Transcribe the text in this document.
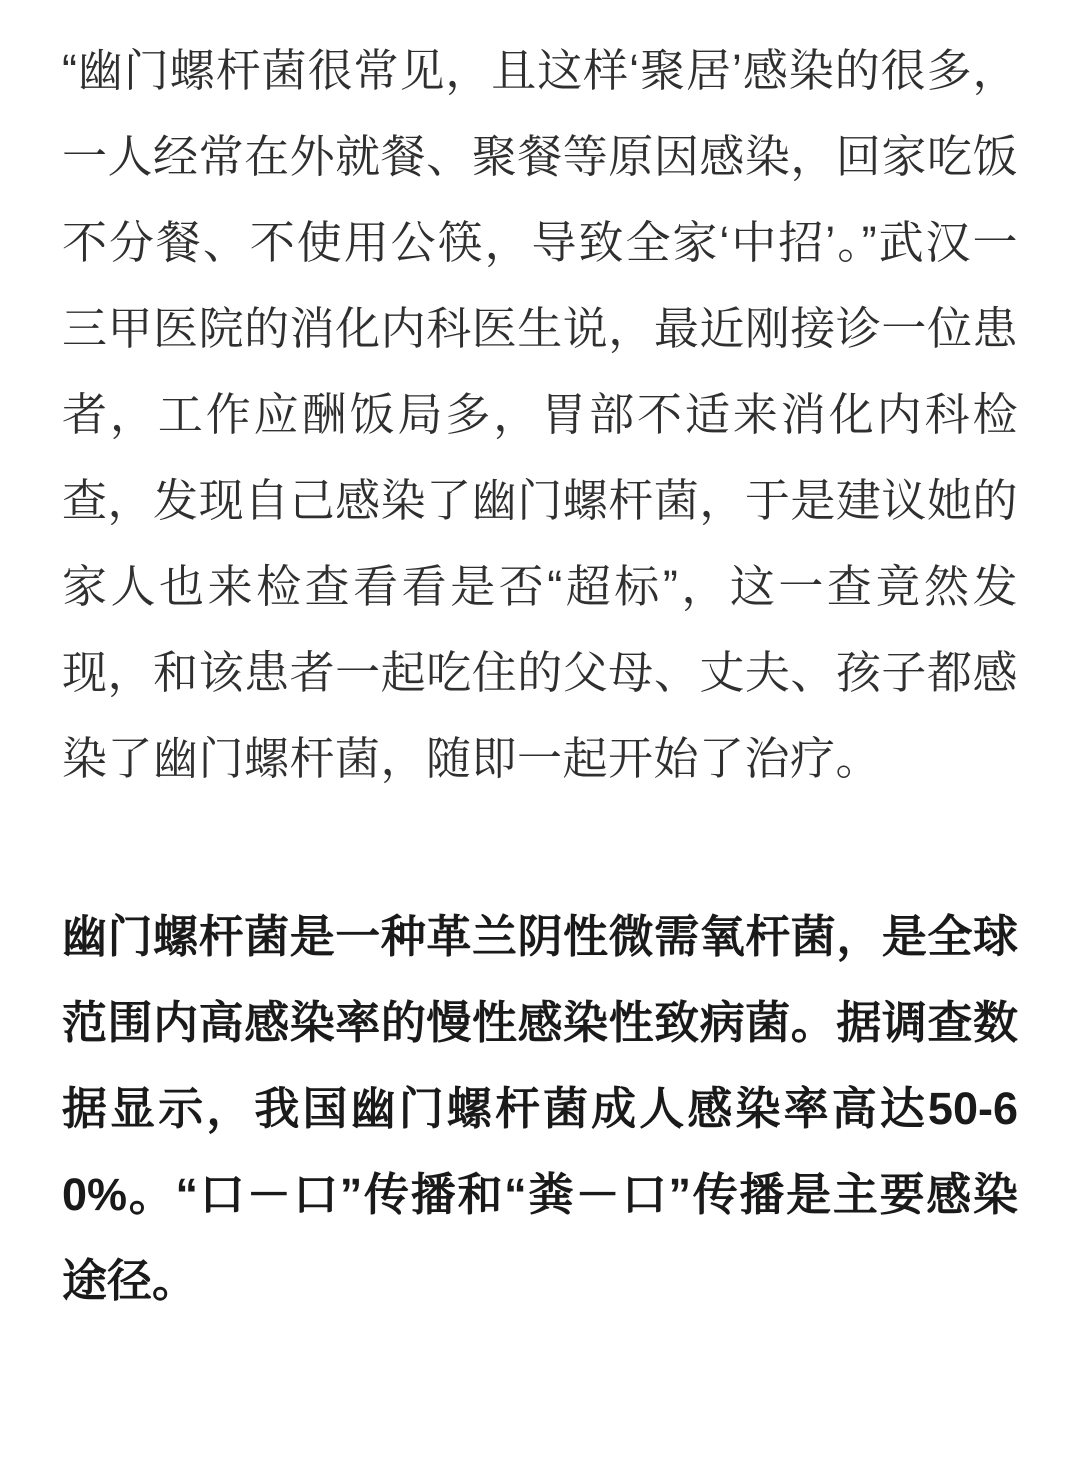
“幽门螺杆菌很常见，且这样‘聚居’感染的很多，一人经常在外就餐、聚餐等原因感染，回家吃饭不分餐、不使用公筷，导致全家‘中招’。”武汉一三甲医院的消化内科医生说，最近刚接诊一位患者，工作应酬饭局多，胃部不适来消化内科检查，发现自己感染了幽门螺杆菌，于是建议她的家人也来检查看看是否“超标”，这一查竟然发现，和该患者一起吃住的父母、丈夫、孩子都感染了幽门螺杆菌，随即一起开始了治疗。

幽门螺杆菌是一种革兰阴性微需氧杆菌，是全球范围内高感染率的慢性感染性致病菌。据调查数据显示，我国幽门螺杆菌成人感染率高达50-60%。“口－口”传播和“粪－口”传播是主要感染途径。
